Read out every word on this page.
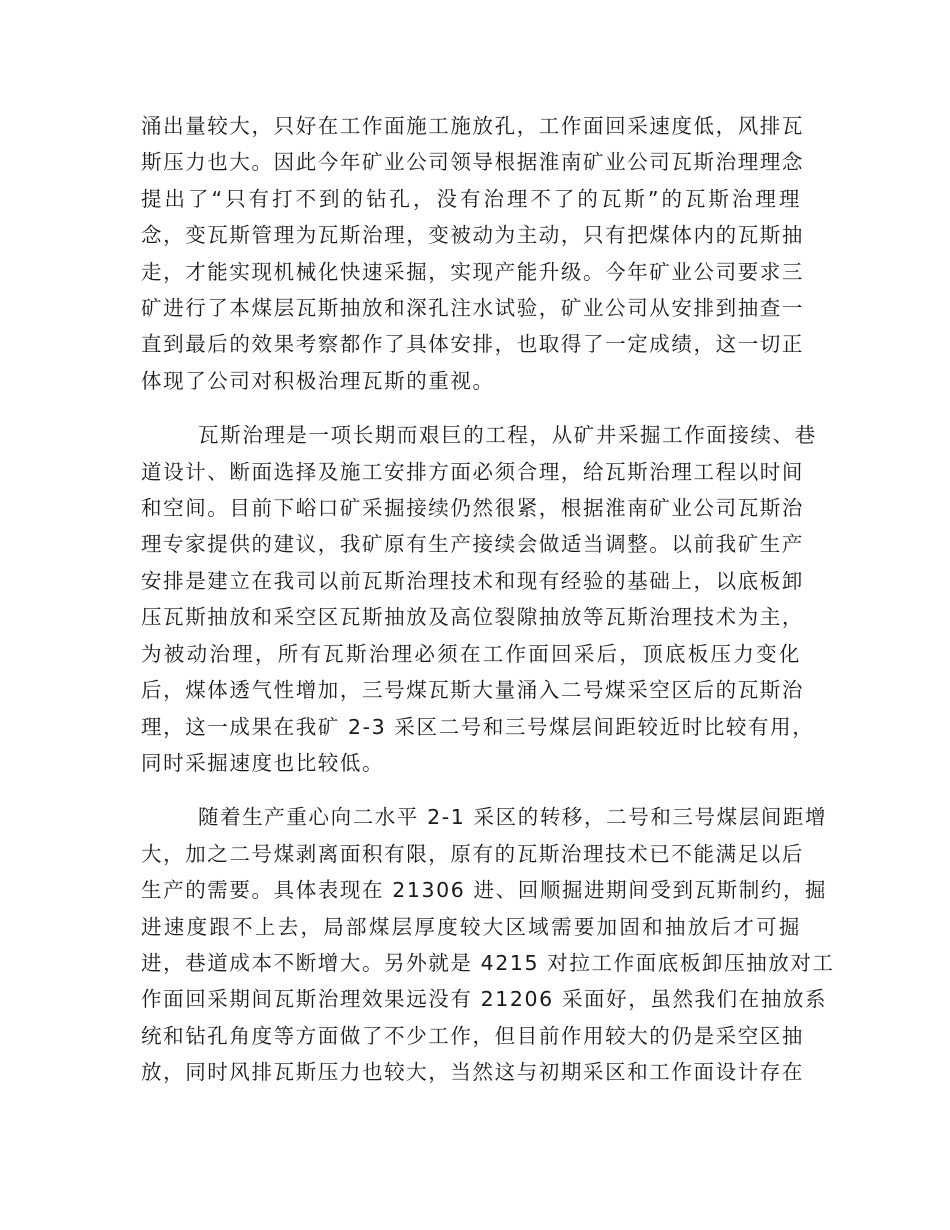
涌出量较大，只好在工作面施工施放孔，工作面回采速度低，风排瓦
斯压力也大。因此今年矿业公司领导根据淮南矿业公司瓦斯治理理念
提出了“只有打不到的钻孔，没有治理不了的瓦斯”的瓦斯治理理
念，变瓦斯管理为瓦斯治理，变被动为主动，只有把煤体内的瓦斯抽
走，才能实现机械化快速采掘，实现产能升级。今年矿业公司要求三
矿进行了本煤层瓦斯抽放和深孔注水试验，矿业公司从安排到抽查一
直到最后的效果考察都作了具体安排，也取得了一定成绩，这一切正
体现了公司对积极治理瓦斯的重视。
瓦斯治理是一项长期而艰巨的工程，从矿井采掘工作面接续、巷
道设计、断面选择及施工安排方面必须合理，给瓦斯治理工程以时间
和空间。目前下峪口矿采掘接续仍然很紧，根据淮南矿业公司瓦斯治
理专家提供的建议，我矿原有生产接续会做适当调整。以前我矿生产
安排是建立在我司以前瓦斯治理技术和现有经验的基础上，以底板卸
压瓦斯抽放和采空区瓦斯抽放及高位裂隙抽放等瓦斯治理技术为主，
为被动治理，所有瓦斯治理必须在工作面回采后，顶底板压力变化
后，煤体透气性增加，三号煤瓦斯大量涌入二号煤采空区后的瓦斯治
理，这一成果在我矿 2-3 采区二号和三号煤层间距较近时比较有用，
同时采掘速度也比较低。
随着生产重心向二水平 2-1 采区的转移，二号和三号煤层间距增
大，加之二号煤剥离面积有限，原有的瓦斯治理技术已不能满足以后
生产的需要。具体表现在 21306 进、回顺掘进期间受到瓦斯制约，掘
进速度跟不上去，局部煤层厚度较大区域需要加固和抽放后才可掘
进，巷道成本不断增大。另外就是 4215 对拉工作面底板卸压抽放对工
作面回采期间瓦斯治理效果远没有 21206 采面好，虽然我们在抽放系
统和钻孔角度等方面做了不少工作，但目前作用较大的仍是采空区抽
放，同时风排瓦斯压力也较大，当然这与初期采区和工作面设计存在
